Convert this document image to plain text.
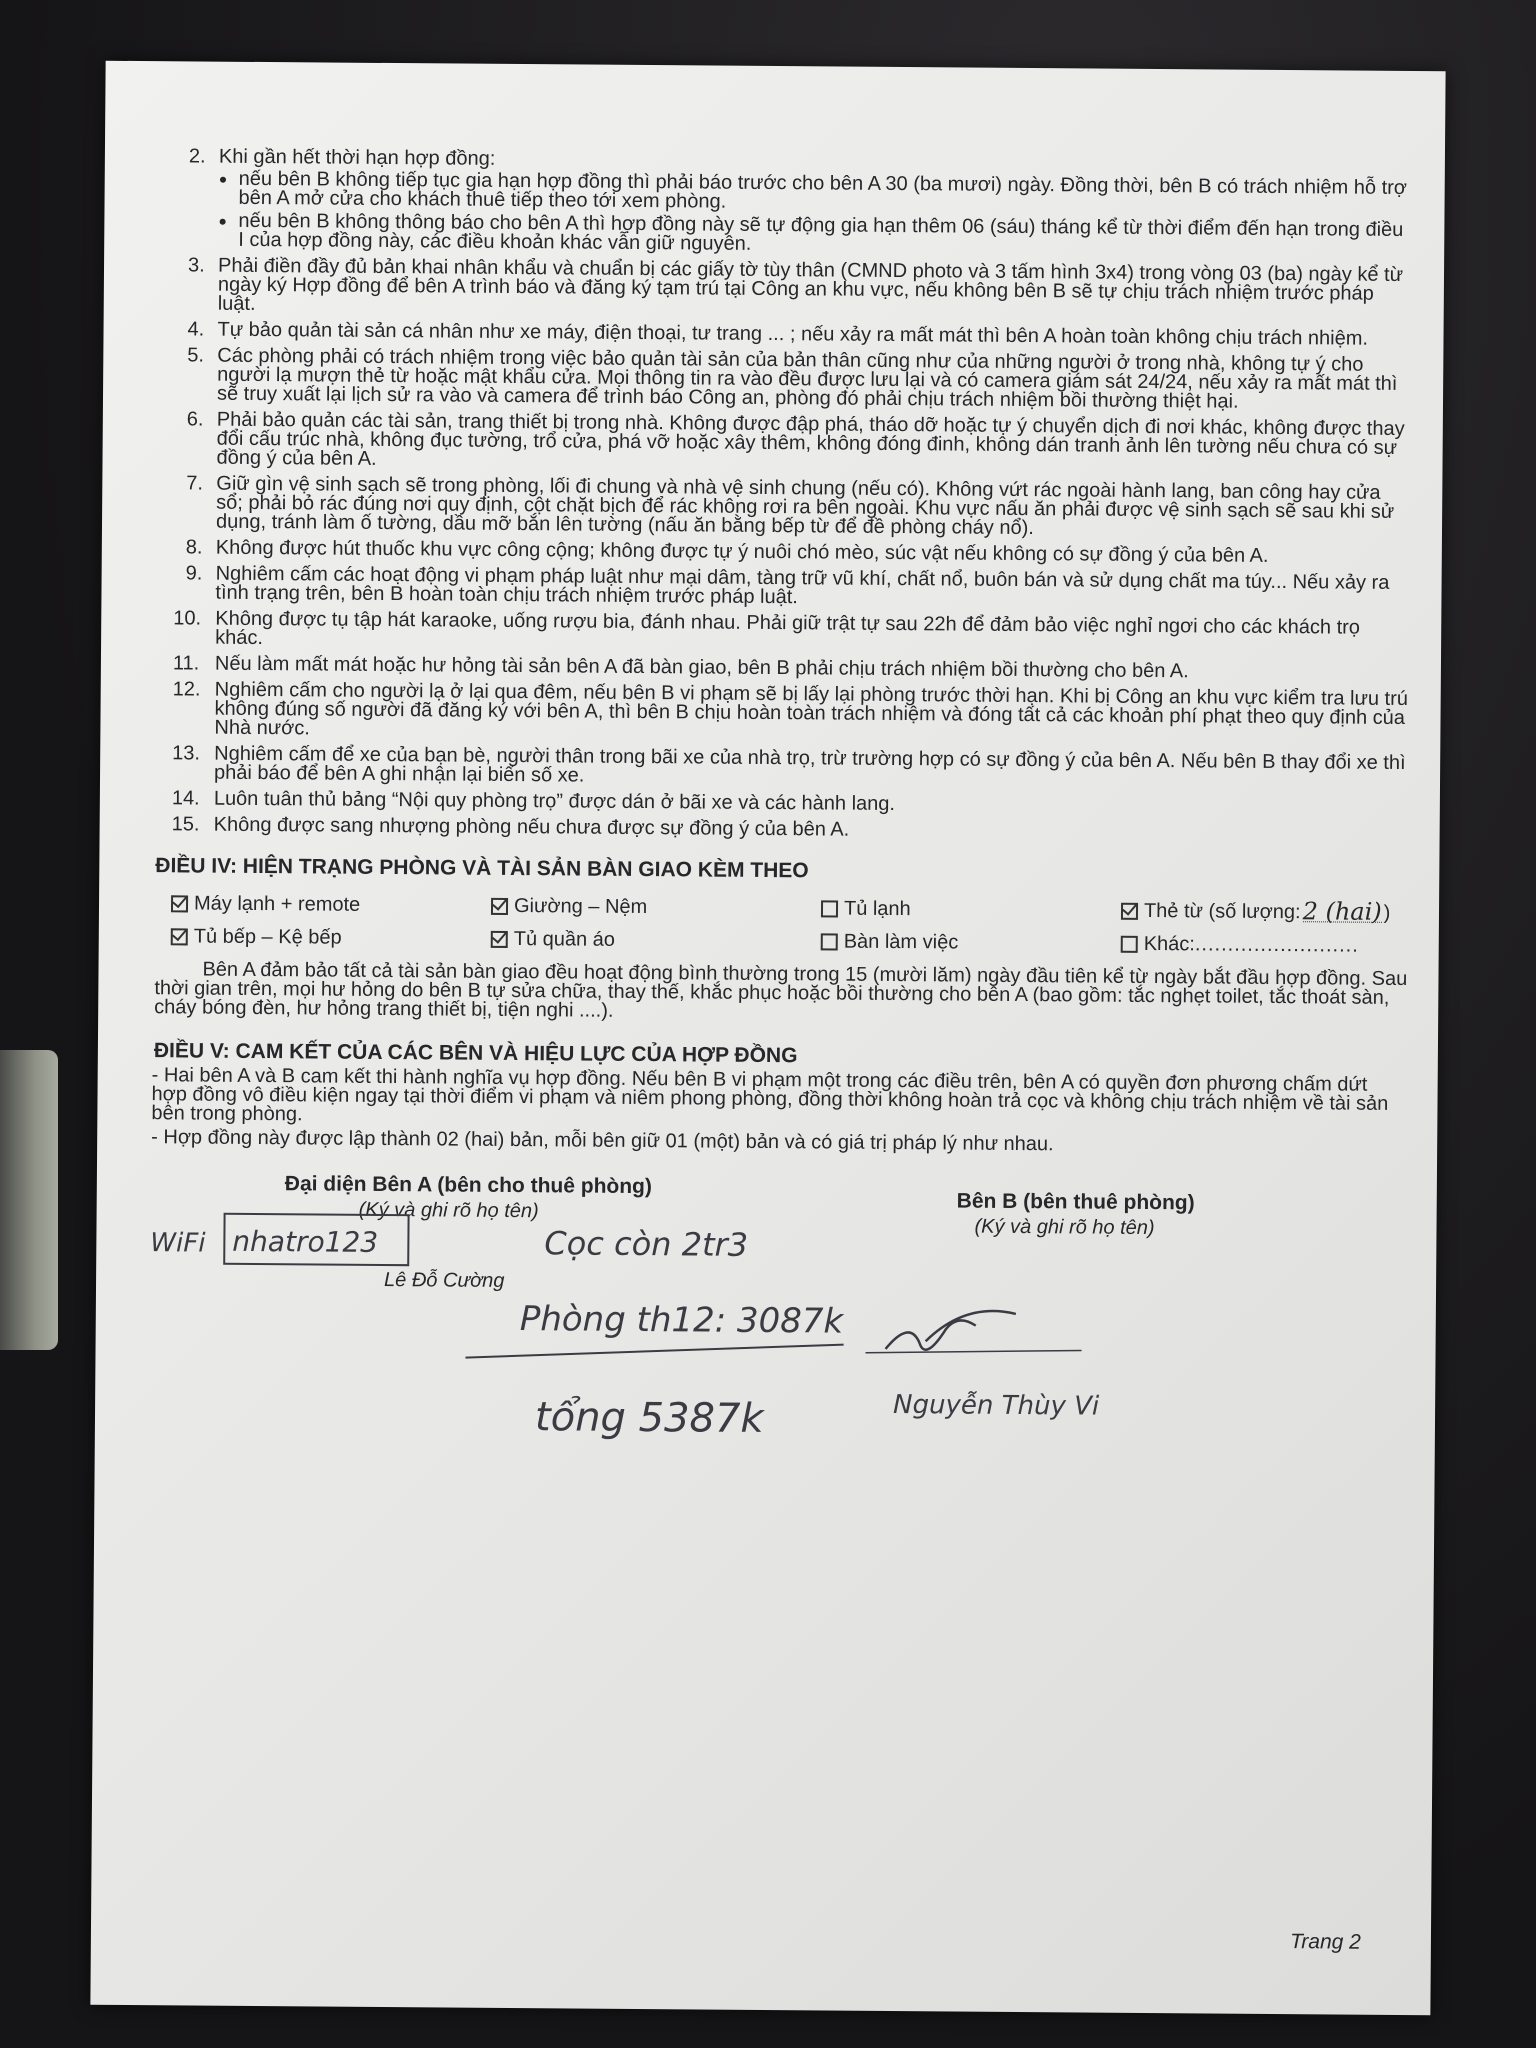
2. Khi gần hết thời hạn hợp đồng:
● nếu bên B không tiếp tục gia hạn hợp đồng thì phải báo trước cho bên A 30 (ba mươi) ngày. Đồng thời, bên B có trách nhiệm hỗ trợ bên A mở cửa cho khách thuê tiếp theo tới xem phòng.
● nếu bên B không thông báo cho bên A thì hợp đồng này sẽ tự động gia hạn thêm 06 (sáu) tháng kể từ thời điểm đến hạn trong điều I của hợp đồng này, các điều khoản khác vẫn giữ nguyên.
3. Phải điền đầy đủ bản khai nhân khẩu và chuẩn bị các giấy tờ tùy thân (CMND photo và 3 tấm hình 3x4) trong vòng 03 (ba) ngày kể từ ngày ký Hợp đồng để bên A trình báo và đăng ký tạm trú tại Công an khu vực, nếu không bên B sẽ tự chịu trách nhiệm trước pháp luật.
4. Tự bảo quản tài sản cá nhân như xe máy, điện thoại, tư trang ... ; nếu xảy ra mất mát thì bên A hoàn toàn không chịu trách nhiệm.
5. Các phòng phải có trách nhiệm trong việc bảo quản tài sản của bản thân cũng như của những người ở trong nhà, không tự ý cho người lạ mượn thẻ từ hoặc mật khẩu cửa. Mọi thông tin ra vào đều được lưu lại và có camera giám sát 24/24, nếu xảy ra mất mát thì sẽ truy xuất lại lịch sử ra vào và camera để trình báo Công an, phòng đó phải chịu trách nhiệm bồi thường thiệt hại.
6. Phải bảo quản các tài sản, trang thiết bị trong nhà. Không được đập phá, tháo dỡ hoặc tự ý chuyển dịch đi nơi khác, không được thay đổi cấu trúc nhà, không đục tường, trổ cửa, phá vỡ hoặc xây thêm, không đóng đinh, không dán tranh ảnh lên tường nếu chưa có sự đồng ý của bên A.
7. Giữ gìn vệ sinh sạch sẽ trong phòng, lối đi chung và nhà vệ sinh chung (nếu có). Không vứt rác ngoài hành lang, ban công hay cửa sổ; phải bỏ rác đúng nơi quy định, cột chặt bịch để rác không rơi ra bên ngoài. Khu vực nấu ăn phải được vệ sinh sạch sẽ sau khi sử dụng, tránh làm ố tường, dầu mỡ bắn lên tường (nấu ăn bằng bếp từ để đề phòng cháy nổ).
8. Không được hút thuốc khu vực công cộng; không được tự ý nuôi chó mèo, súc vật nếu không có sự đồng ý của bên A.
9. Nghiêm cấm các hoạt động vi phạm pháp luật như mại dâm, tàng trữ vũ khí, chất nổ, buôn bán và sử dụng chất ma túy... Nếu xảy ra tình trạng trên, bên B hoàn toàn chịu trách nhiệm trước pháp luật.
10. Không được tụ tập hát karaoke, uống rượu bia, đánh nhau. Phải giữ trật tự sau 22h để đảm bảo việc nghỉ ngơi cho các khách trọ khác.
11. Nếu làm mất mát hoặc hư hỏng tài sản bên A đã bàn giao, bên B phải chịu trách nhiệm bồi thường cho bên A.
12. Nghiêm cấm cho người lạ ở lại qua đêm, nếu bên B vi phạm sẽ bị lấy lại phòng trước thời hạn. Khi bị Công an khu vực kiểm tra lưu trú không đúng số người đã đăng ký với bên A, thì bên B chịu hoàn toàn trách nhiệm và đóng tất cả các khoản phí phạt theo quy định của Nhà nước.
13. Nghiêm cấm để xe của bạn bè, người thân trong bãi xe của nhà trọ, trừ trường hợp có sự đồng ý của bên A. Nếu bên B thay đổi xe thì phải báo để bên A ghi nhận lại biển số xe.
14. Luôn tuân thủ bảng “Nội quy phòng trọ” được dán ở bãi xe và các hành lang.
15. Không được sang nhượng phòng nếu chưa được sự đồng ý của bên A.
ĐIỀU IV: HIỆN TRẠNG PHÒNG VÀ TÀI SẢN BÀN GIAO KÈM THEO
Máy lạnh + remote	Giường – Nệm	Tủ lạnh	Thẻ từ (số lượng: 2 (hai) )
Tủ bếp – Kệ bếp	Tủ quần áo	Bàn làm việc	Khác: .........................

Bên A đảm bảo tất cả tài sản bàn giao đều hoạt động bình thường trong 15 (mười lăm) ngày đầu tiên kể từ ngày bắt đầu hợp đồng. Sau thời gian trên, mọi hư hỏng do bên B tự sửa chữa, thay thế, khắc phục hoặc bồi thường cho bên A (bao gồm: tắc nghẹt toilet, tắc thoát sàn, cháy bóng đèn, hư hỏng trang thiết bị, tiện nghi ....).

ĐIỀU V: CAM KẾT CỦA CÁC BÊN VÀ HIỆU LỰC CỦA HỢP ĐỒNG

- Hai bên A và B cam kết thi hành nghĩa vụ hợp đồng. Nếu bên B vi phạm một trong các điều trên, bên A có quyền đơn phương chấm dứt hợp đồng vô điều kiện ngay tại thời điểm vi phạm và niêm phong phòng, đồng thời không hoàn trả cọc và không chịu trách nhiệm về tài sản bên trong phòng.

- Hợp đồng này được lập thành 02 (hai) bản, mỗi bên giữ 01 (một) bản và có giá trị pháp lý như nhau.

Đại diện Bên A (bên cho thuê phòng)
(Ký và ghi rõ họ tên)
Lê Đỗ Cường
Bên B (bên thuê phòng)
(Ký và ghi rõ họ tên)
WiFi nhatro123	Cọc còn 2tr3
Phòng th12: 3087k
tổng 5387k	Nguyễn Thùy Vi
Trang 2
